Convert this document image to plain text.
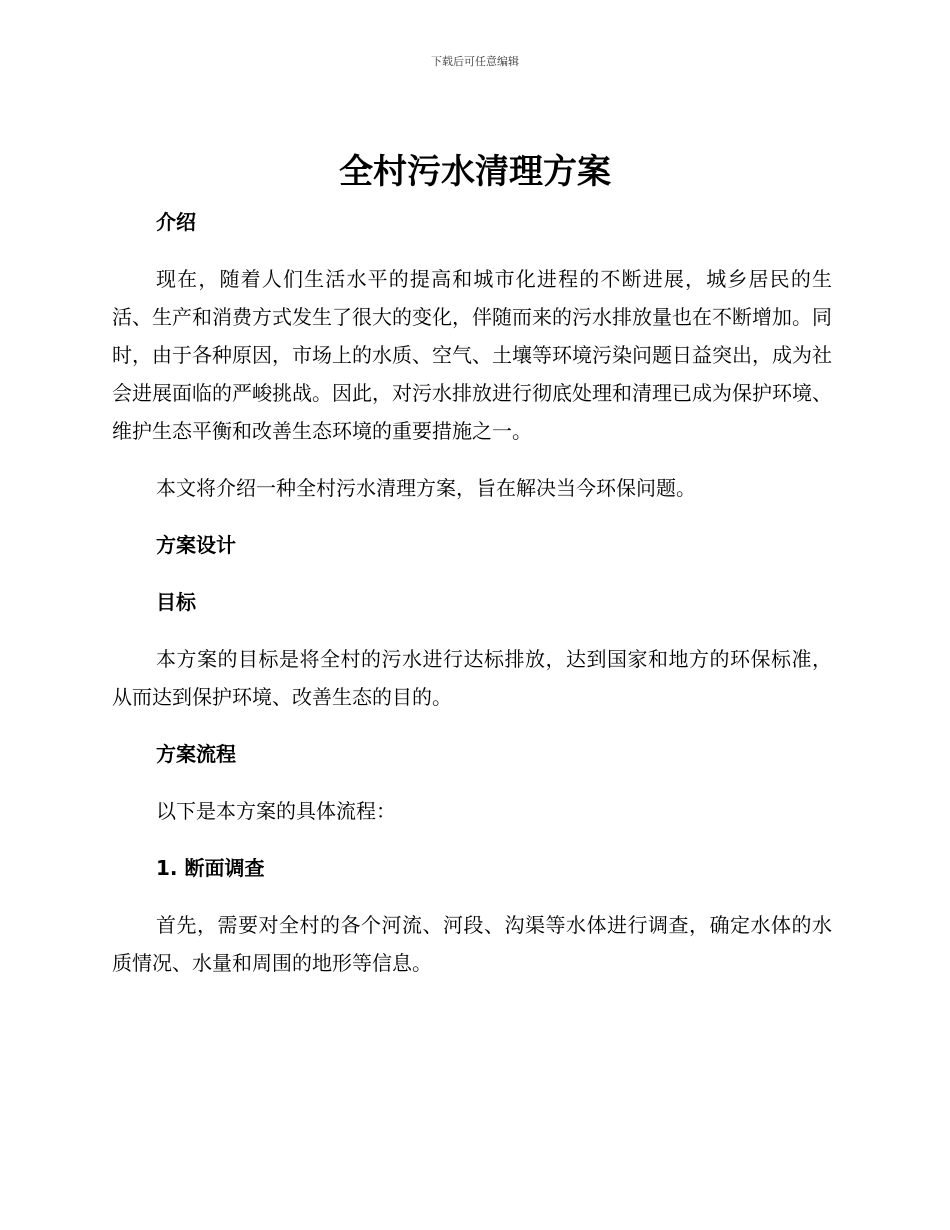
下载后可任意编辑
全村污水清理方案
介绍

现在，随着人们生活水平的提高和城市化进程的不断进展，城乡居民的生活、生产和消费方式发生了很大的变化，伴随而来的污水排放量也在不断增加。同时，由于各种原因，市场上的水质、空气、土壤等环境污染问题日益突出，成为社会进展面临的严峻挑战。因此，对污水排放进行彻底处理和清理已成为保护环境、维护生态平衡和改善生态环境的重要措施之一。

本文将介绍一种全村污水清理方案，旨在解决当今环保问题。

方案设计
目标

本方案的目标是将全村的污水进行达标排放，达到国家和地方的环保标准，从而达到保护环境、改善生态的目的。

方案流程

以下是本方案的具体流程：

1. 断面调查

首先，需要对全村的各个河流、河段、沟渠等水体进行调查，确定水体的水质情况、水量和周围的地形等信息。
